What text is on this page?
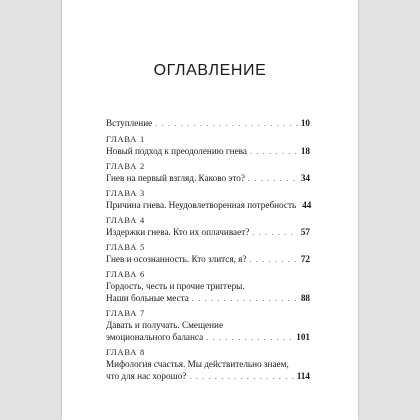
ОГЛАВЛЕНИЕ
Вступление . . .	10
ГЛАВА 1
Новый подход к преодолению гнева . . .	18
ГЛАВА 2
Гнев на первый взгляд. Каково это? . . .	34
ГЛАВА 3
Причина гнева. Неудовлетворенная потребность 44
ГЛАВА 4
Издержки гнева. Кто их оплачивает? . . .	57
ГЛАВА 5
Гнев и осознанность. Кто злится, я? . . .	72
ГЛАВА 6
Гордость, честь и прочие триггеры.
Наши больные места . . .	88
ГЛАВА 7
Давать и получать. Смещение
эмоционального баланса . . .	101
ГЛАВА 8
Мифология счастья. Мы действительно знаем,
что для нас хорошо? . . .	114
